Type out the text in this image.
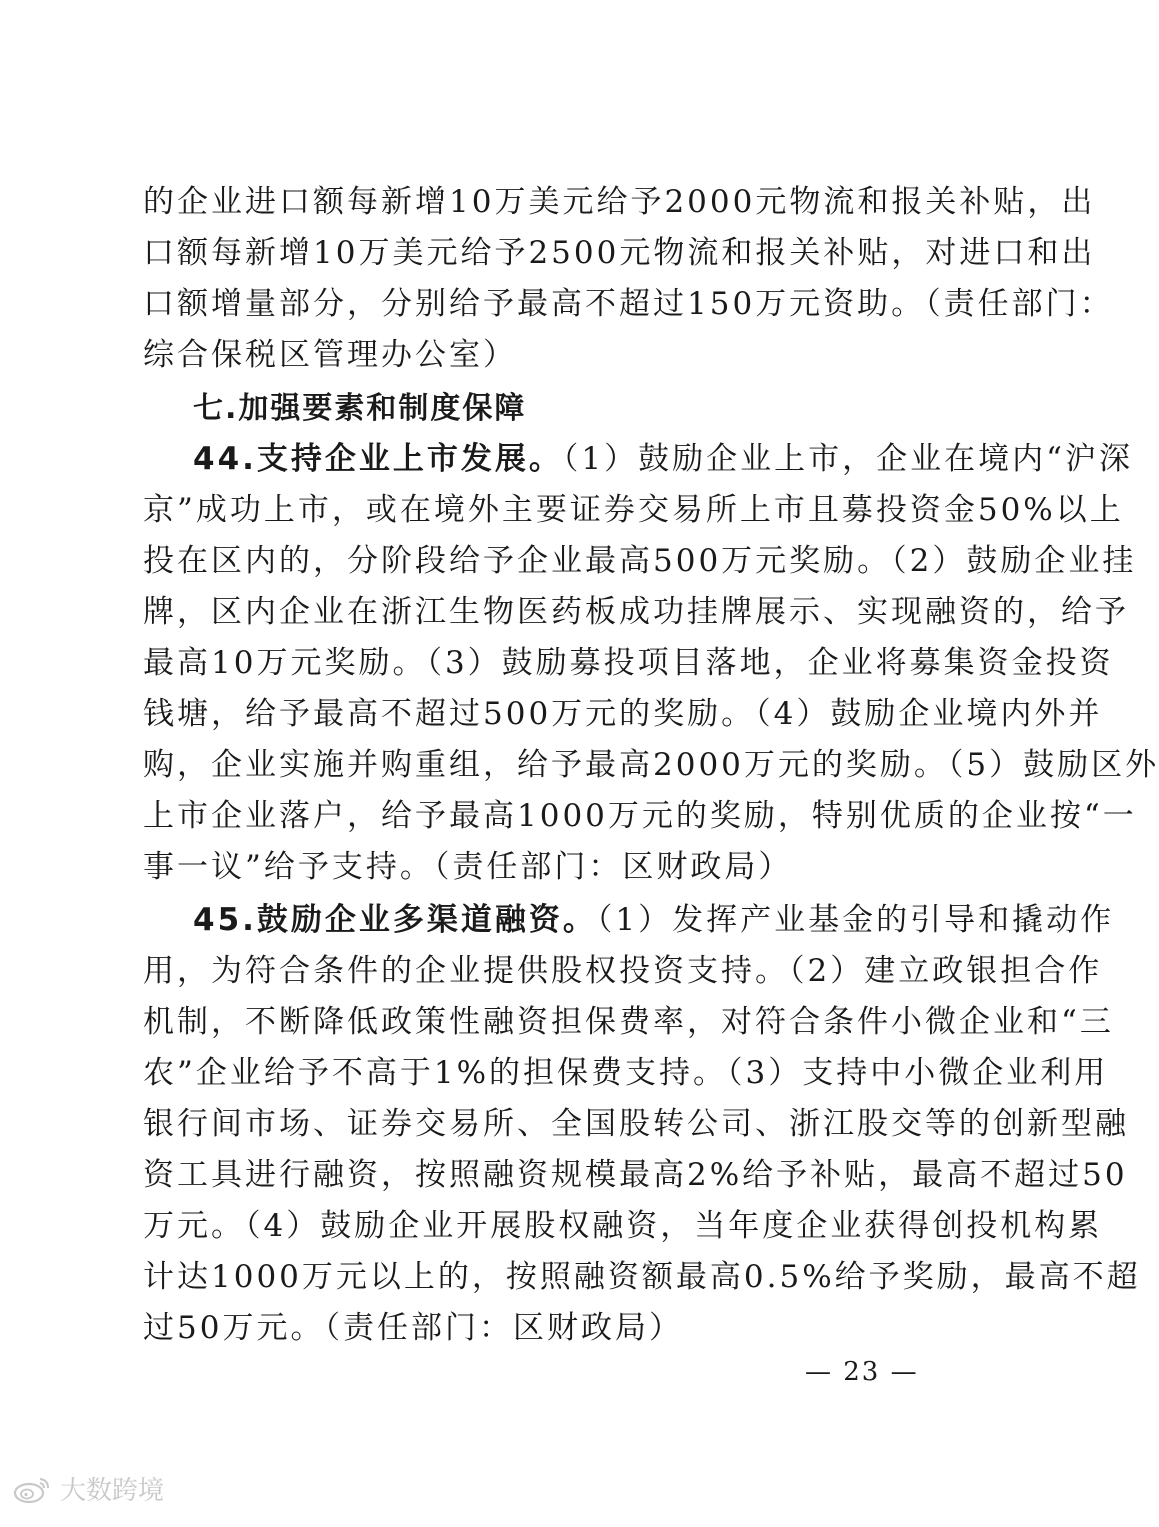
的企业进口额每新增10万美元给予2000元物流和报关补贴，出
口额每新增10万美元给予2500元物流和报关补贴，对进口和出
口额增量部分，分别给予最高不超过150万元资助。（责任部门：
综合保税区管理办公室）
七.加强要素和制度保障
44.支持企业上市发展。（1）鼓励企业上市，企业在境内“沪深
京”成功上市，或在境外主要证券交易所上市且募投资金50%以上
投在区内的，分阶段给予企业最高500万元奖励。（2）鼓励企业挂
牌，区内企业在浙江生物医药板成功挂牌展示、实现融资的，给予
最高10万元奖励。（3）鼓励募投项目落地，企业将募集资金投资
钱塘，给予最高不超过500万元的奖励。（4）鼓励企业境内外并
购，企业实施并购重组，给予最高2000万元的奖励。（5）鼓励区外
上市企业落户，给予最高1000万元的奖励，特别优质的企业按“一
事一议”给予支持。（责任部门：区财政局）
45.鼓励企业多渠道融资。（1）发挥产业基金的引导和撬动作
用，为符合条件的企业提供股权投资支持。（2）建立政银担合作
机制，不断降低政策性融资担保费率，对符合条件小微企业和“三
农”企业给予不高于1%的担保费支持。（3）支持中小微企业利用
银行间市场、证券交易所、全国股转公司、浙江股交等的创新型融
资工具进行融资，按照融资规模最高2%给予补贴，最高不超过50
万元。（4）鼓励企业开展股权融资，当年度企业获得创投机构累
计达1000万元以上的，按照融资额最高0.5%给予奖励，最高不超
过50万元。（责任部门：区财政局）
— 23 —
大数跨境
